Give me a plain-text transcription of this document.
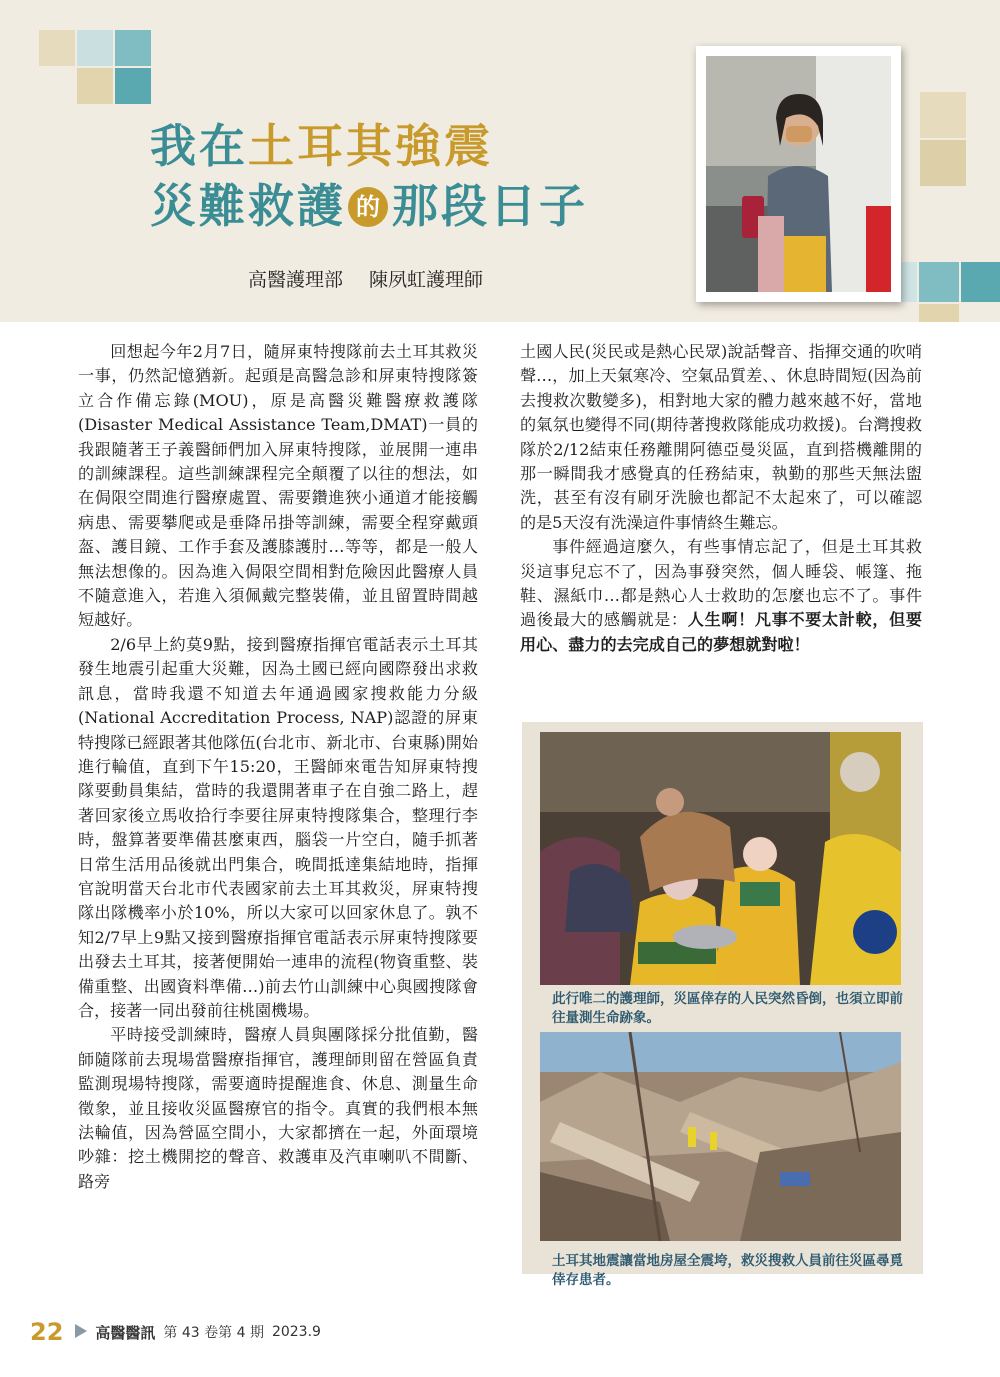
我在土耳其強震
災難救護 的 那段日子
高醫護理部 陳夙虹護理師

回想起今年2月7日，隨屏東特搜隊前去土耳其救災一事，仍然記憶猶新。起頭是高醫急診和屏東特搜隊簽立合作備忘錄(MOU)，原是高醫災難醫療救護隊(Disaster Medical Assistance Team,DMAT)一員的我跟隨著王子義醫師們加入屏東特搜隊，並展開一連串的訓練課程。這些訓練課程完全顛覆了以往的想法，如在侷限空間進行醫療處置、需要鑽進狹小通道才能接觸病患、需要攀爬或是垂降吊掛等訓練，需要全程穿戴頭盔、護目鏡、工作手套及護膝護肘…等等，都是一般人無法想像的。因為進入侷限空間相對危險因此醫療人員不隨意進入，若進入須佩戴完整裝備，並且留置時間越短越好。

2/6早上約莫9點，接到醫療指揮官電話表示土耳其發生地震引起重大災難，因為土國已經向國際發出求救訊息，當時我還不知道去年通過國家搜救能力分級(National Accreditation Process, NAP)認證的屏東特搜隊已經跟著其他隊伍(台北市、新北市、台東縣)開始進行輪值，直到下午15:20，王醫師來電告知屏東特搜隊要動員集結，當時的我還開著車子在自強二路上，趕著回家後立馬收拾行李要往屏東特搜隊集合，整理行李時，盤算著要準備甚麼東西，腦袋一片空白，隨手抓著日常生活用品後就出門集合，晚間抵達集結地時，指揮官說明當天台北市代表國家前去土耳其救災，屏東特搜隊出隊機率小於10%，所以大家可以回家休息了。孰不知2/7早上9點又接到醫療指揮官電話表示屏東特搜隊要出發去土耳其，接著便開始一連串的流程(物資重整、裝備重整、出國資料準備…)前去竹山訓練中心與國搜隊會合，接著一同出發前往桃園機場。

平時接受訓練時，醫療人員與團隊採分批值勤，醫師隨隊前去現場當醫療指揮官，護理師則留在營區負責監測現場特搜隊，需要適時提醒進食、休息、測量生命徵象，並且接收災區醫療官的指令。真實的我們根本無法輪值，因為營區空間小，大家都擠在一起，外面環境吵雜：挖土機開挖的聲音、救護車及汽車喇叭不間斷、路旁

土國人民(災民或是熱心民眾)說話聲音、指揮交通的吹哨聲…，加上天氣寒冷、空氣品質差、、休息時間短(因為前去搜救次數變多)，相對地大家的體力越來越不好，當地的氣氛也變得不同(期待著搜救隊能成功救援)。台灣搜救隊於2/12結束任務離開阿德亞曼災區，直到搭機離開的那一瞬間我才感覺真的任務結束，執勤的那些天無法盥洗，甚至有沒有刷牙洗臉也都記不太起來了，可以確認的是5天沒有洗澡這件事情終生難忘。

事件經過這麼久，有些事情忘記了，但是土耳其救災這事兒忘不了，因為事發突然，個人睡袋、帳篷、拖鞋、濕紙巾…都是熱心人士救助的怎麼也忘不了。事件過後最大的感觸就是：人生啊！凡事不要太計較，但要用心、盡力的去完成自己的夢想就對啦！

此行唯二的護理師，災區倖存的人民突然昏倒，也須立即前往量測生命跡象。

土耳其地震讓當地房屋全震垮，救災搜救人員前往災區尋覓倖存患者。

22 高醫醫訊 第 43 卷第 4 期 2023.9
